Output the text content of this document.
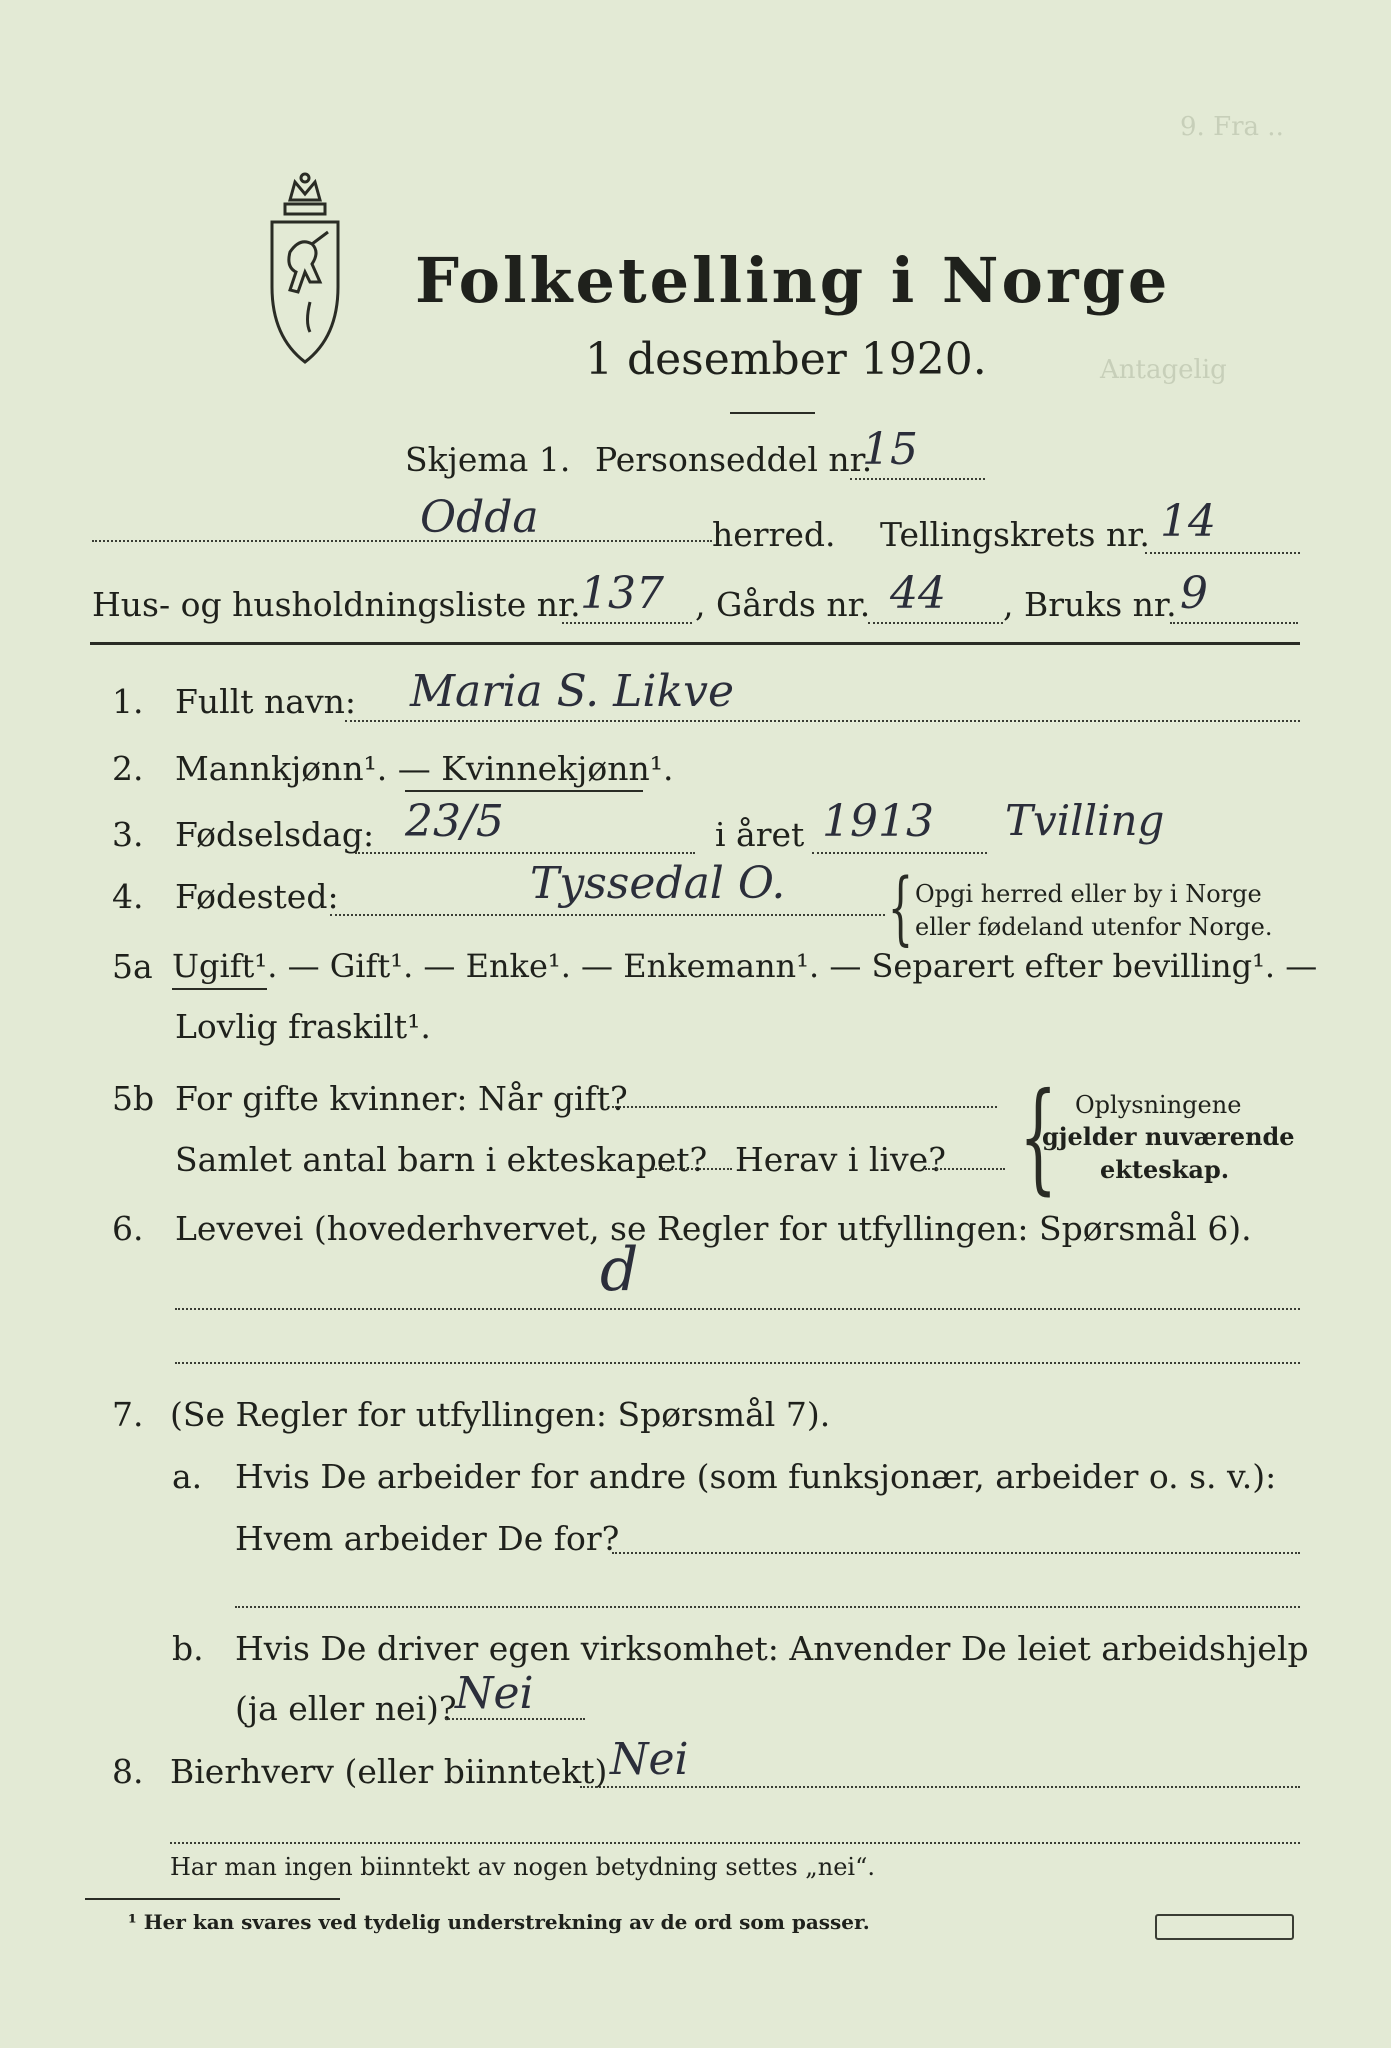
9. Fra ..
Antagelig
Folketelling i Norge
1 desember 1920.
Skjema 1. Personseddel nr.
15
Odda	herred. Tellingskrets nr. 14
Hus- og husholdningsliste nr. 137 , Gårds nr. 44 , Bruks nr. 9
1. Fullt navn: Maria S. Likve
2. Mannkjønn¹. — Kvinnekjønn¹.
3. Fødselsdag: 23/5	i året 1913 Tvilling
4. Fødested:	Tyssedal O. { Opgi herred eller by i Norge
eller fødeland utenfor Norge.
5a Ugift¹. — Gift¹. — Enke¹. — Enkemann¹. — Separert efter bevilling¹. —
Lovlig fraskilt¹.
5b For gifte kvinner: Når gift?
Samlet antal barn i ekteskapet? Herav i live? { Oplysningene
gjelder nuværende
ekteskap.
6. Levevei (hovederhvervet, se Regler for utfyllingen: Spørsmål 6).
d
7. (Se Regler for utfyllingen: Spørsmål 7).
a. Hvis De arbeider for andre (som funksjonær, arbeider o. s. v.):
Hvem arbeider De for?
b. Hvis De driver egen virksomhet: Anvender De leiet arbeidshjelp
(ja eller nei)?
Nei
8. Bierhverv (eller biinntekt) Nei
Har man ingen biinntekt av nogen betydning settes „nei“.
¹ Her kan svares ved tydelig understrekning av de ord som passer.
